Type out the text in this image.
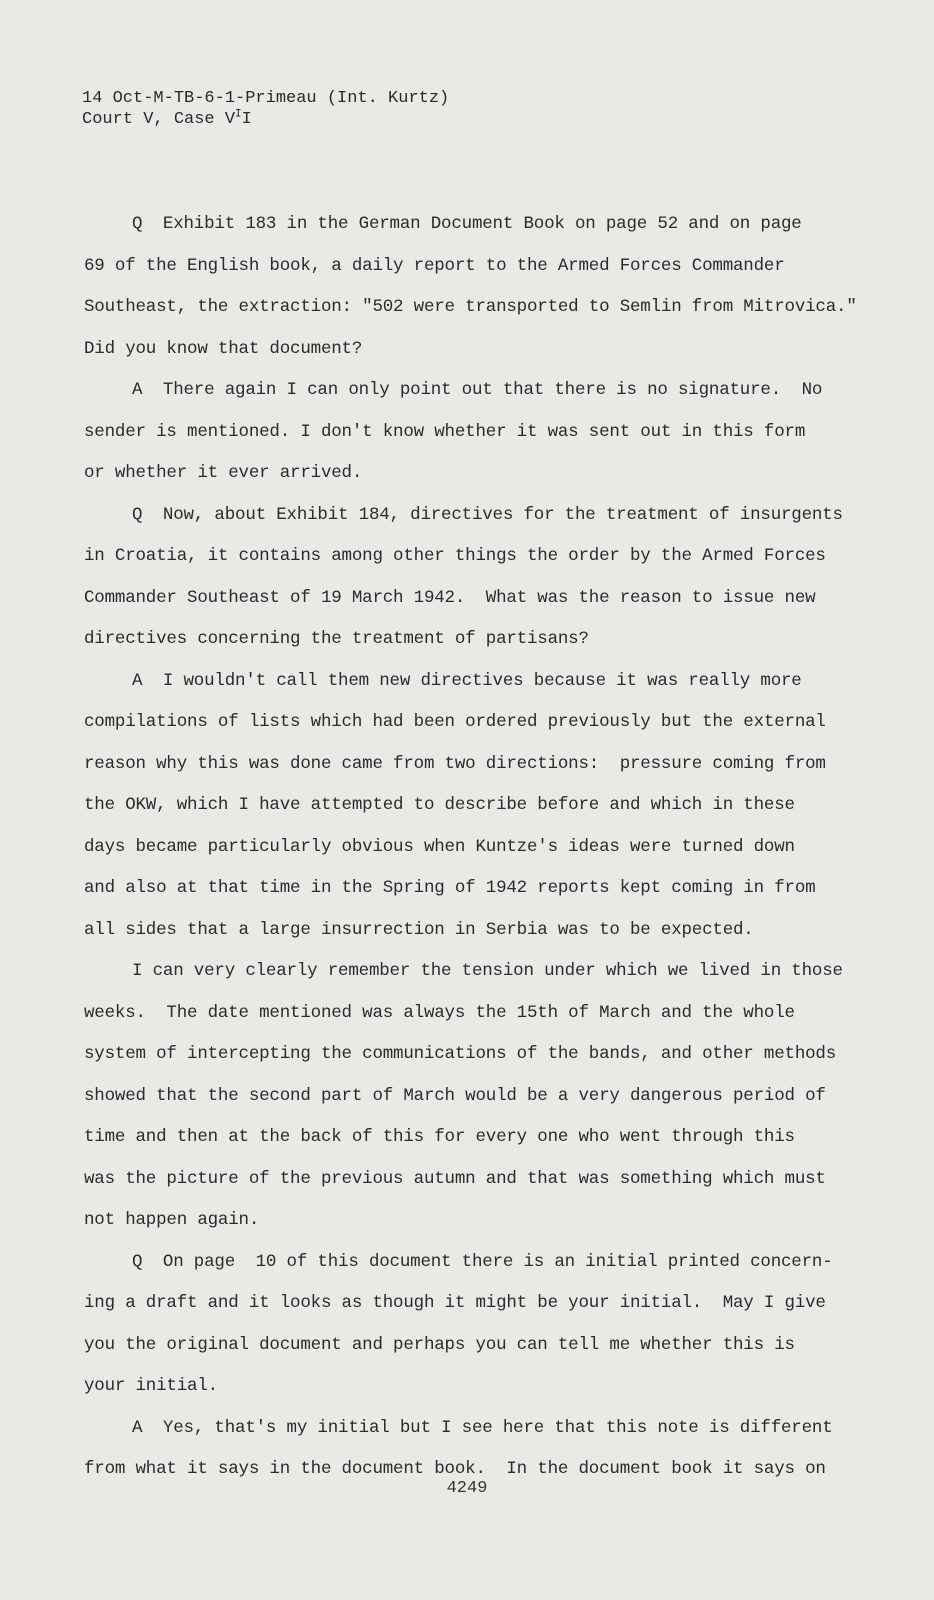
14 Oct-M-TB-6-1-Primeau (Int. Kurtz)
Court V, Case $V^II$
Q  Exhibit 183 in the German Document Book on page 52 and on page
69 of the English book, a daily report to the Armed Forces Commander
Southeast, the extraction: "502 were transported to Semlin from Mitrovica."
Did you know that document?
A  There again I can only point out that there is no signature.  No
sender is mentioned. I don't know whether it was sent out in this form
or whether it ever arrived.
Q  Now, about Exhibit 184, directives for the treatment of insurgents
in Croatia, it contains among other things the order by the Armed Forces
Commander Southeast of 19 March 1942.  What was the reason to issue new
directives concerning the treatment of partisans?
A  I wouldn't call them new directives because it was really more
compilations of lists which had been ordered previously but the external
reason why this was done came from two directions:  pressure coming from
the OKW, which I have attempted to describe before and which in these
days became particularly obvious when Kuntze's ideas were turned down
and also at that time in the Spring of 1942 reports kept coming in from
all sides that a large insurrection in Serbia was to be expected.
I can very clearly remember the tension under which we lived in those
weeks.  The date mentioned was always the 15th of March and the whole
system of intercepting the communications of the bands, and other methods
showed that the second part of March would be a very dangerous period of
time and then at the back of this for every one who went through this
was the picture of the previous autumn and that was something which must
not happen again.
Q  On page  10 of this document there is an initial printed concern-
ing a draft and it looks as though it might be your initial.  May I give
you the original document and perhaps you can tell me whether this is
your initial.
A  Yes, that's my initial but I see here that this note is different
from what it says in the document book.  In the document book it says on
4249
